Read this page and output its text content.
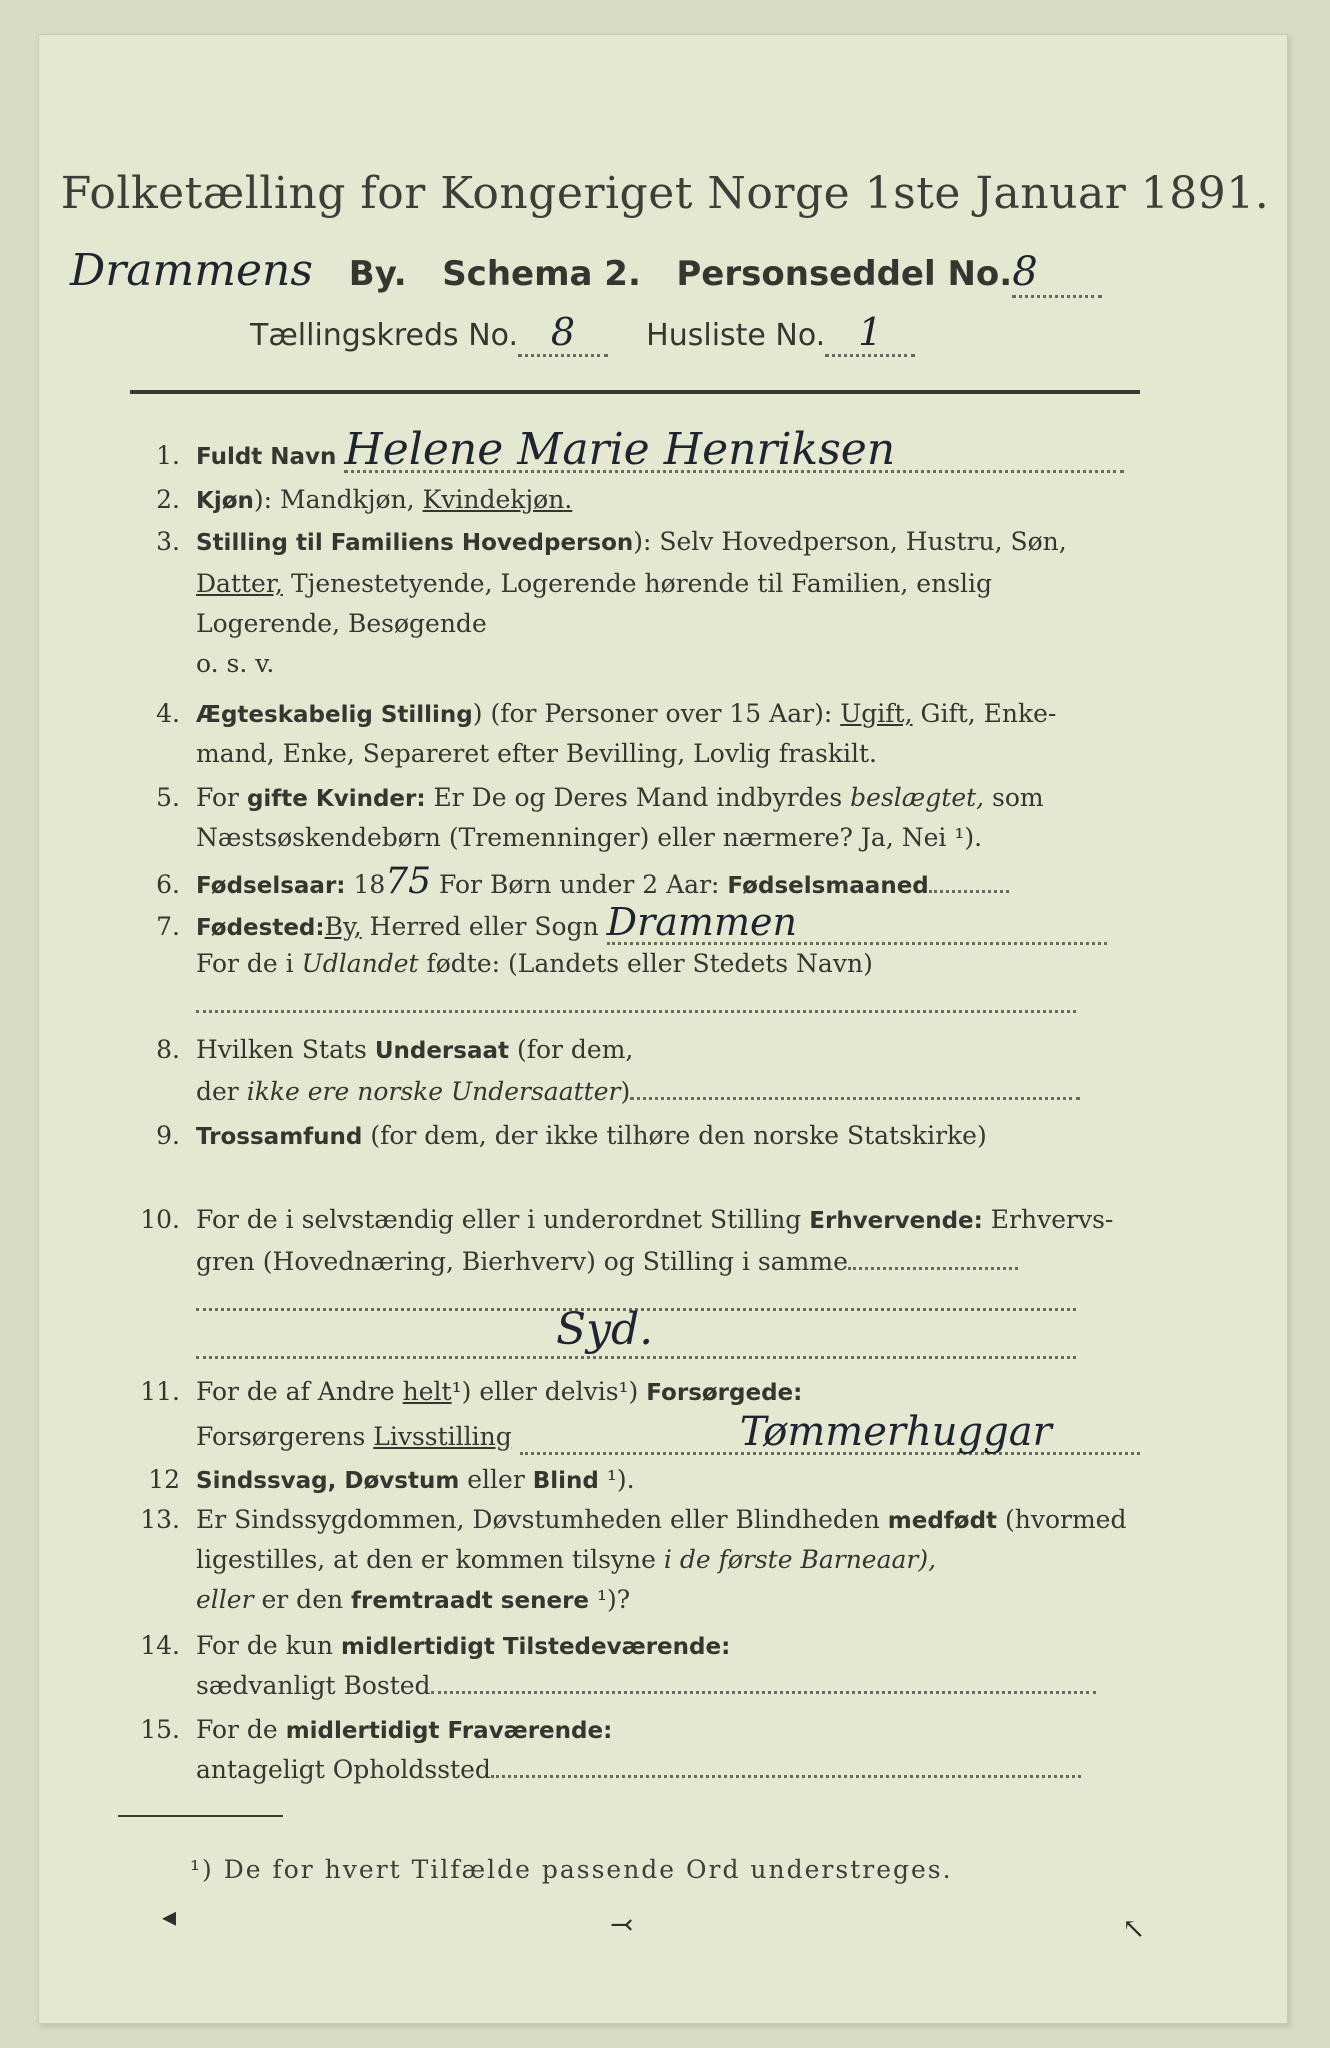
Folketælling for Kongeriget Norge 1ste Januar 1891.
Drammens By. Schema 2. Personseddel No.8
Tællingskreds No. 8 Husliste No. 1
1. Fuldt Navn Helene Marie Henriksen
2. Kjøn): Mandkjøn, Kvindekjøn.
3. Stilling til Familiens Hovedperson): Selv Hovedperson, Hustru, Søn,
Datter, Tjenestetyende, Logerende hørende til Familien, enslig
Logerende, Besøgende
o. s. v.
4. Ægteskabelig Stilling) (for Personer over 15 Aar): Ugift, Gift, Enke-
mand, Enke, Separeret efter Bevilling, Lovlig fraskilt.
5. For gifte Kvinder: Er De og Deres Mand indbyrdes beslægtet, som
Næstsøskendebørn (Tremenninger) eller nærmere? Ja, Nei ¹).
6. Fødselsaar: 1875 For Børn under 2 Aar: Fødselsmaaned
7. Fødested:By, Herred eller Sogn Drammen
For de i Udlandet fødte: (Landets eller Stedets Navn)
8. Hvilken Stats Undersaat (for dem,
der ikke ere norske Undersaatter)
9. Trossamfund (for dem, der ikke tilhøre den norske Statskirke)
10. For de i selvstændig eller i underordnet Stilling Erhvervende: Erhvervs-
gren (Hovednæring, Bierhverv) og Stilling i samme
Syd.
11. For de af Andre helt¹) eller delvis¹) Forsørgede:
Forsørgerens Livsstilling	Tømmerhuggar
12 Sindssvag, Døvstum eller Blind ¹).
13. Er Sindssygdommen, Døvstumheden eller Blindheden medfødt (hvormed
ligestilles, at den er kommen tilsyne i de første Barneaar),
eller er den fremtraadt senere ¹)?
14. For de kun midlertidigt Tilstedeværende:
sædvanligt Bosted
15. For de midlertidigt Fraværende:
antageligt Opholdssted
¹) De for hvert Tilfælde passende Ord understreges.
◂	⤙	↖
